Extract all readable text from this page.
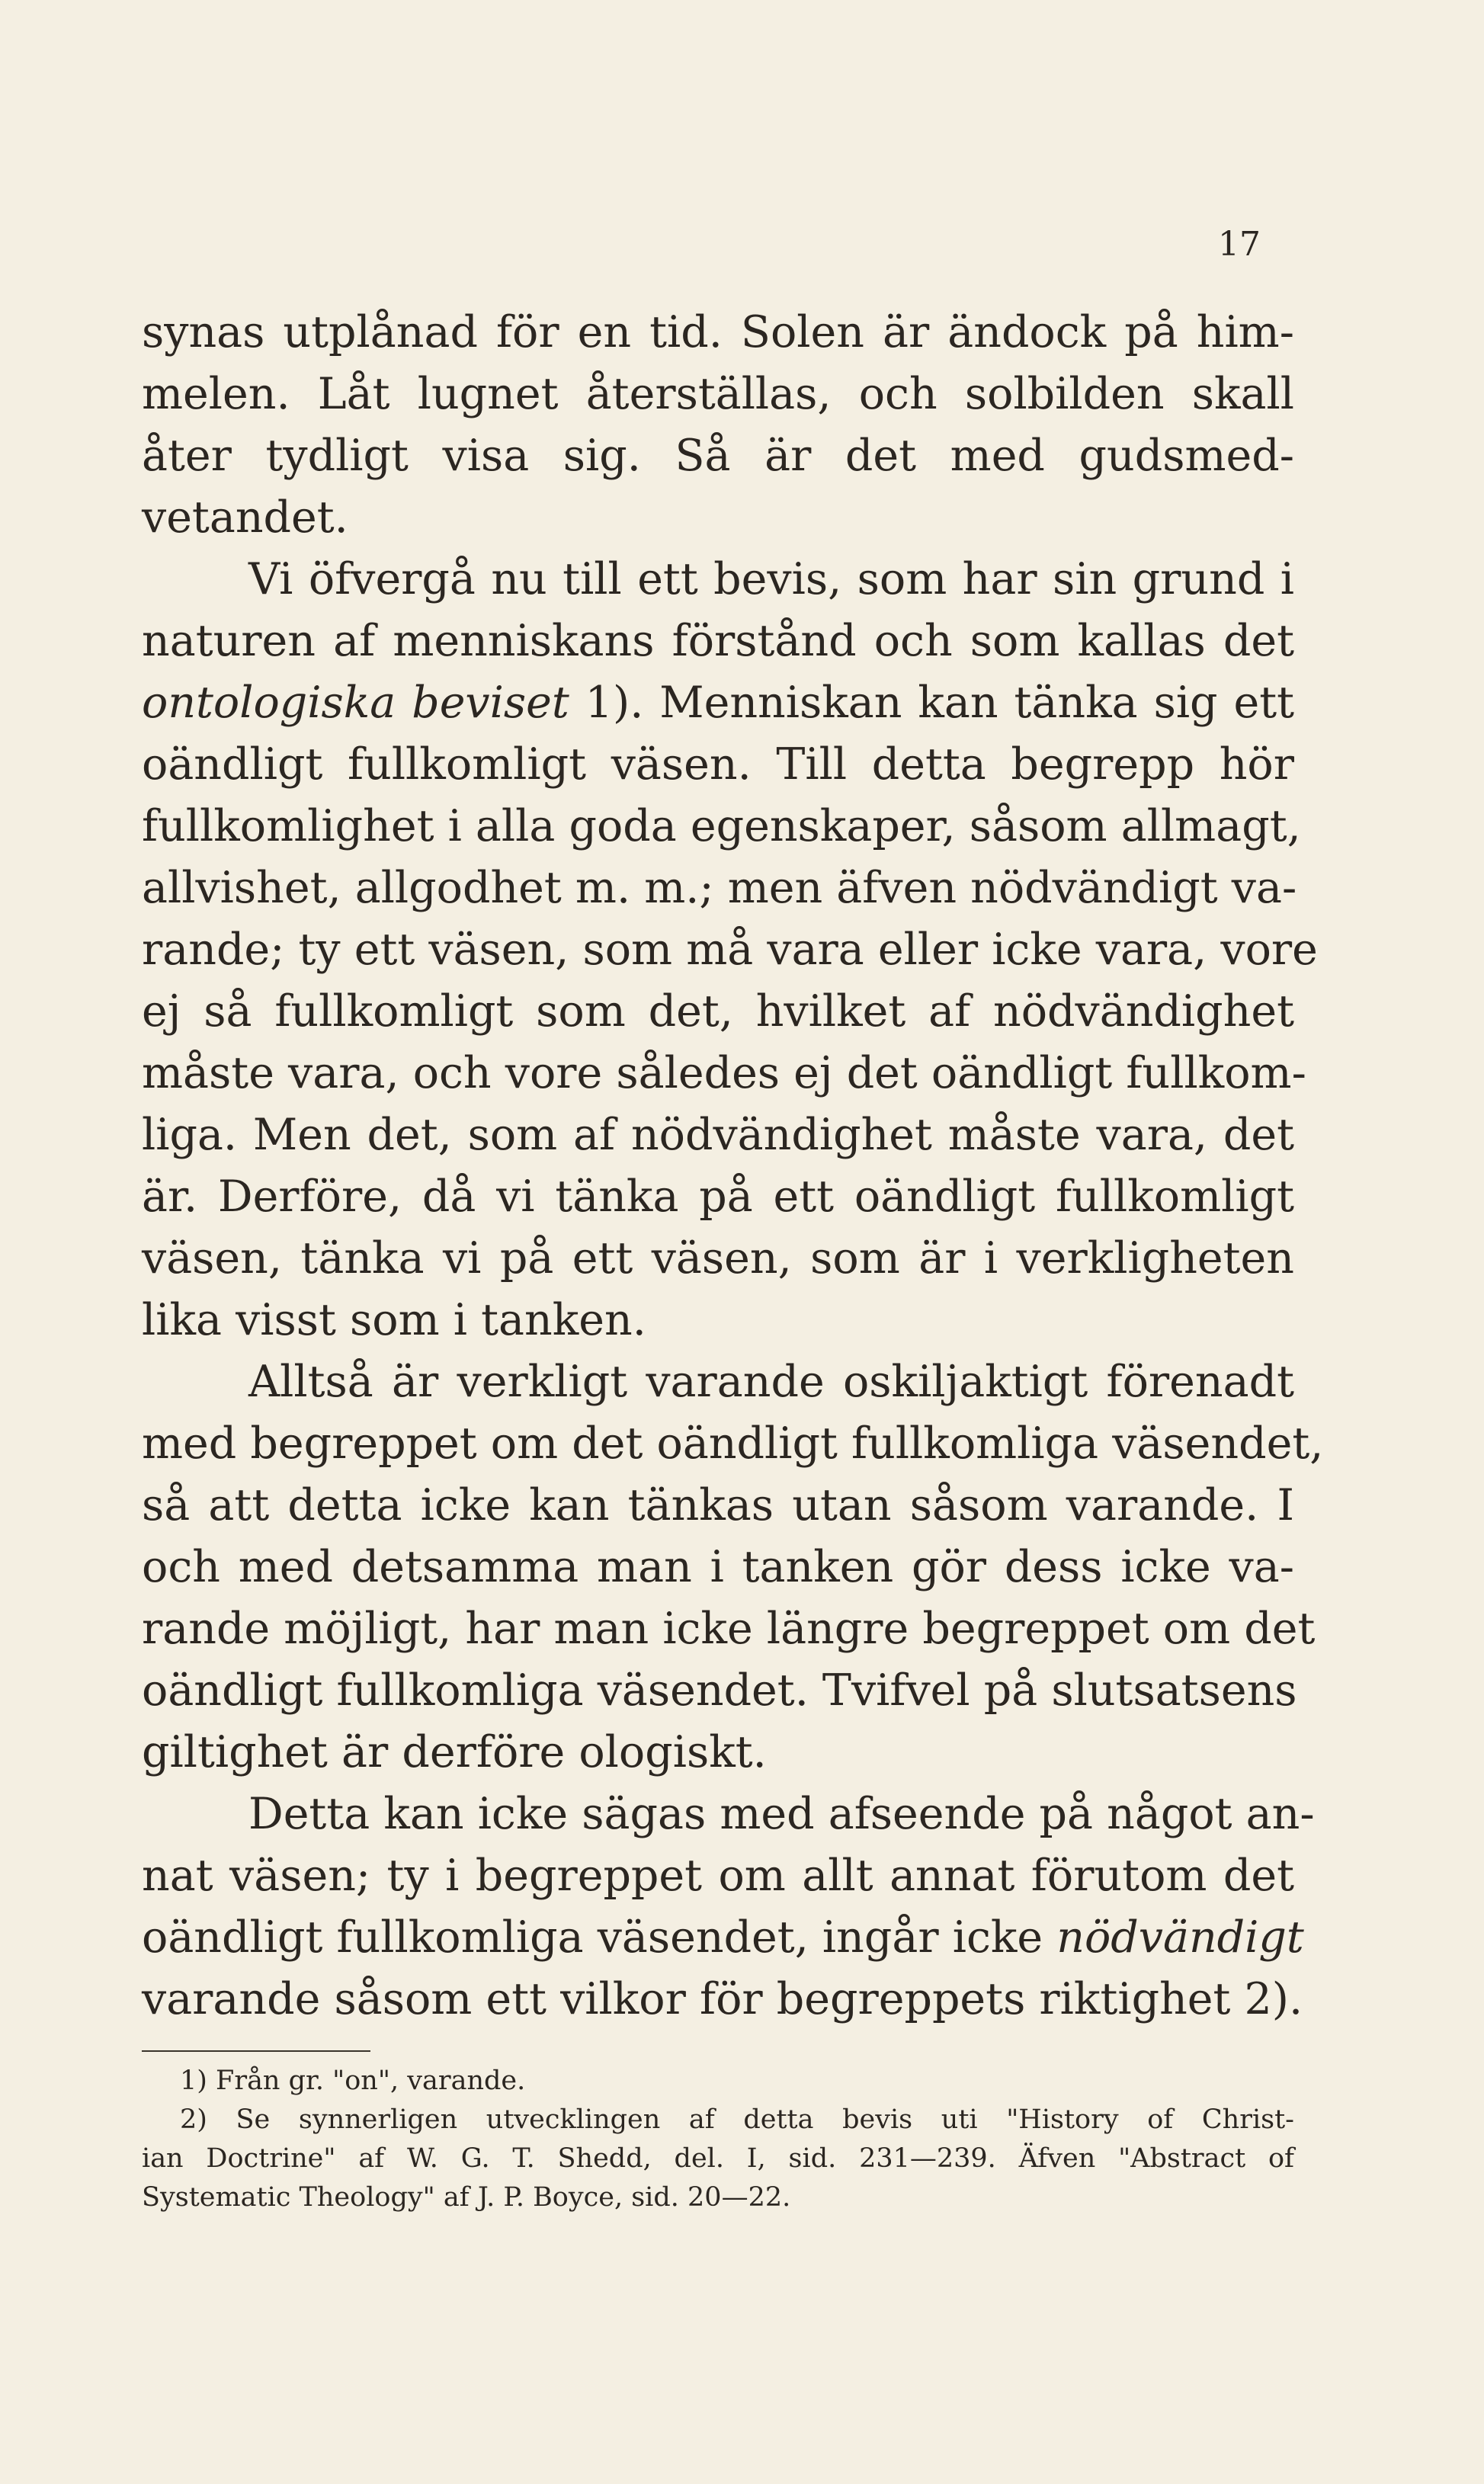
17
synas utplånad för en tid. Solen är ändock på him-
melen. Låt lugnet återställas, och solbilden skall
åter tydligt visa sig. Så är det med gudsmed-
vetandet.
Vi öfvergå nu till ett bevis, som har sin grund i
naturen af menniskans förstånd och som kallas det
ontologiska beviset 1). Menniskan kan tänka sig ett
oändligt fullkomligt väsen. Till detta begrepp hör
fullkomlighet i alla goda egenskaper, såsom allmagt,
allvishet, allgodhet m. m.; men äfven nödvändigt va-
rande; ty ett väsen, som må vara eller icke vara, vore
ej så fullkomligt som det, hvilket af nödvändighet
måste vara, och vore således ej det oändligt fullkom-
liga. Men det, som af nödvändighet måste vara, det
är. Derföre, då vi tänka på ett oändligt fullkomligt
väsen, tänka vi på ett väsen, som är i verkligheten
lika visst som i tanken.
Alltså är verkligt varande oskiljaktigt förenadt
med begreppet om det oändligt fullkomliga väsendet,
så att detta icke kan tänkas utan såsom varande. I
och med detsamma man i tanken gör dess icke va-
rande möjligt, har man icke längre begreppet om det
oändligt fullkomliga väsendet. Tvifvel på slutsatsens
giltighet är derföre ologiskt.
Detta kan icke sägas med afseende på något an-
nat väsen; ty i begreppet om allt annat förutom det
oändligt fullkomliga väsendet, ingår icke nödvändigt
varande såsom ett vilkor för begreppets riktighet 2).
1) Från gr. "on", varande.
2) Se synnerligen utvecklingen af detta bevis uti "History of Christ-
ian Doctrine" af W. G. T. Shedd, del. I, sid. 231—239. Äfven "Abstract of
Systematic Theology" af J. P. Boyce, sid. 20—22.
